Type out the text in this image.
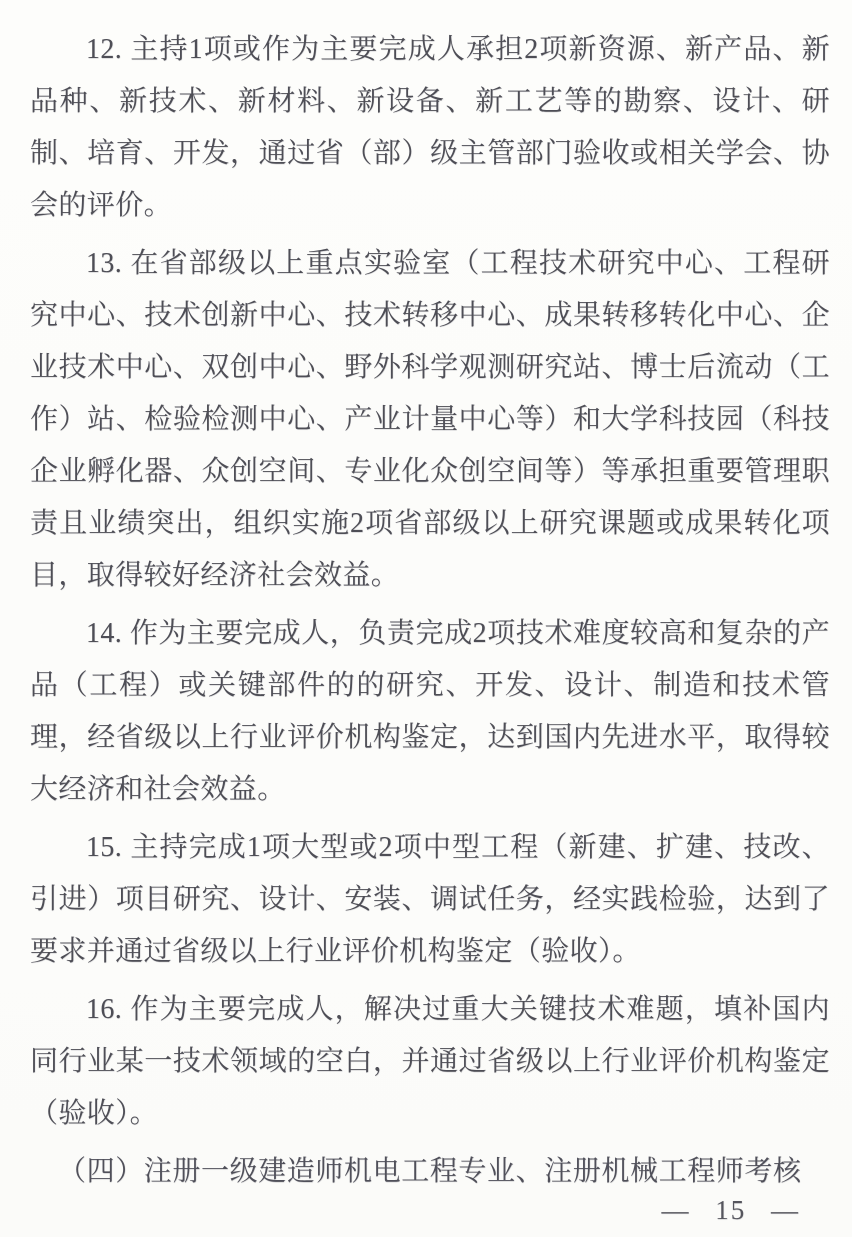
12. 主持1项或作为主要完成人承担2项新资源、新产品、新品种、新技术、新材料、新设备、新工艺等的勘察、设计、研制、培育、开发，通过省（部）级主管部门验收或相关学会、协会的评价。

13. 在省部级以上重点实验室（工程技术研究中心、工程研究中心、技术创新中心、技术转移中心、成果转移转化中心、企业技术中心、双创中心、野外科学观测研究站、博士后流动（工作）站、检验检测中心、产业计量中心等）和大学科技园（科技企业孵化器、众创空间、专业化众创空间等）等承担重要管理职责且业绩突出，组织实施2项省部级以上研究课题或成果转化项目，取得较好经济社会效益。

14. 作为主要完成人，负责完成2项技术难度较高和复杂的产品（工程）或关键部件的的研究、开发、设计、制造和技术管理，经省级以上行业评价机构鉴定，达到国内先进水平，取得较大经济和社会效益。

15. 主持完成1项大型或2项中型工程（新建、扩建、技改、引进）项目研究、设计、安装、调试任务，经实践检验，达到了要求并通过省级以上行业评价机构鉴定（验收）。

16. 作为主要完成人，解决过重大关键技术难题，填补国内同行业某一技术领域的空白，并通过省级以上行业评价机构鉴定（验收）。

（四）注册一级建造师机电工程专业、注册机械工程师考核

— 15 —
